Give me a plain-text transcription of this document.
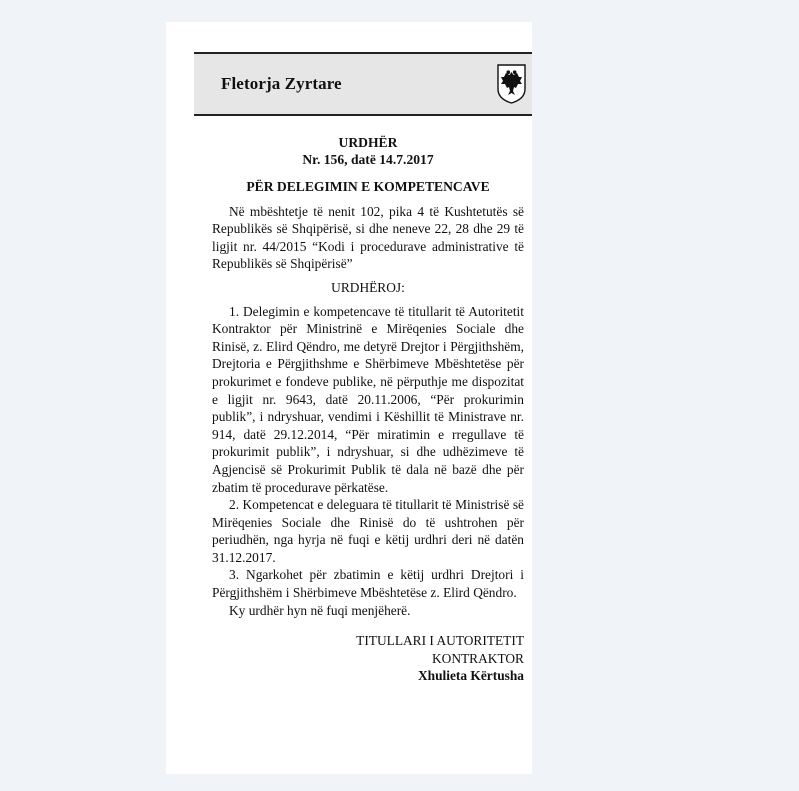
Fletorja Zyrtare
URDHËR
Nr. 156, datë 14.7.2017
PËR DELEGIMIN E KOMPETENCAVE

Në mbështetje të nenit 102, pika 4 të Kushtetutës së Republikës së Shqipërisë, si dhe neneve 22, 28 dhe 29 të ligjit nr. 44/2015 “Kodi i procedurave administrative të Republikës së Shqipërisë”

URDHËROJ:

1. Delegimin e kompetencave të titullarit të Autoritetit Kontraktor për Ministrinë e Mirëqenies Sociale dhe Rinisë, z. Elird Qëndro, me detyrë Drejtor i Përgjithshëm, Drejtoria e Përgjithshme e Shërbimeve Mbështetëse për prokurimet e fondeve publike, në përputhje me dispozitat e ligjit nr. 9643, datë 20.11.2006, “Për prokurimin publik”, i ndryshuar, vendimi i Këshillit të Ministrave nr. 914, datë 29.12.2014, “Për miratimin e rregullave të prokurimit publik”, i ndryshuar, si dhe udhëzimeve të Agjencisë së Prokurimit Publik të dala në bazë dhe për zbatim të procedurave përkatëse.

2. Kompetencat e deleguara të titullarit të Ministrisë së Mirëqenies Sociale dhe Rinisë do të ushtrohen për periudhën, nga hyrja në fuqi e këtij urdhri deri në datën 31.12.2017.

3. Ngarkohet për zbatimin e këtij urdhri Drejtori i Përgjithshëm i Shërbimeve Mbështetëse z. Elird Qëndro.

Ky urdhër hyn në fuqi menjëherë.

TITULLARI I AUTORITETIT
KONTRAKTOR
Xhulieta Kërtusha
